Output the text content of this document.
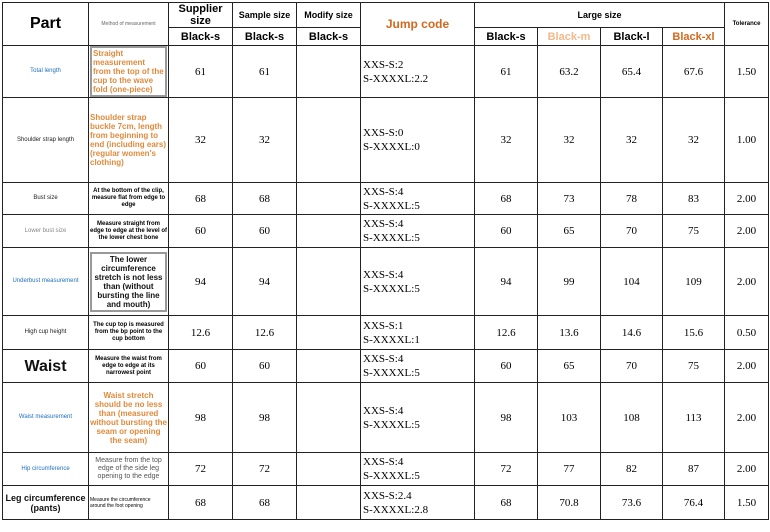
Part	Method of measurement	Supplier size	Sample size	Modify size	Jump code	Large size				Tolerance
		Black-s	Black-s	Black-s		Black-s	Black-m	Black-l	Black-xl	
Total length	Straight measurement from the top of the cup to the wave fold (one-piece)	61	61		XXS-S:2
S-XXXXL:2.2	61	63.2	65.4	67.6	1.50
Shoulder strap length	Shoulder strap buckle 7cm, length from beginning to end (including ears) (regular women's clothing)	32	32		XXS-S:0
S-XXXXL:0	32	32	32	32	1.00
Bust size	At the bottom of the clip, measure flat from edge to edge	68	68		XXS-S:4
S-XXXXL:5	68	73	78	83	2.00
Lower bust size	Measure straight from edge to edge at the level of the lower chest bone	60	60		XXS-S:4
S-XXXXL:5	60	65	70	75	2.00
Underbust measurement	The lower circumference stretch is not less than (without bursting the line and mouth)	94	94		XXS-S:4
S-XXXXL:5	94	99	104	109	2.00
High cup height	The cup top is measured from the bp point to the cup bottom	12.6	12.6		XXS-S:1
S-XXXXL:1	12.6	13.6	14.6	15.6	0.50
Waist	Measure the waist from edge to edge at its narrowest point	60	60		XXS-S:4
S-XXXXL:5	60	65	70	75	2.00
Waist measurement	Waist stretch should be no less than (measured without bursting the seam or opening the seam)	98	98		XXS-S:4
S-XXXXL:5	98	103	108	113	2.00
Hip circumference	Measure from the top edge of the side leg opening to the edge	72	72		XXS-S:4
S-XXXXL:5	72	77	82	87	2.00
Leg circumference (pants)	Measure the circumference around the foot opening	68	68		XXS-S:2.4
S-XXXXL:2.8	68	70.8	73.6	76.4	1.50
